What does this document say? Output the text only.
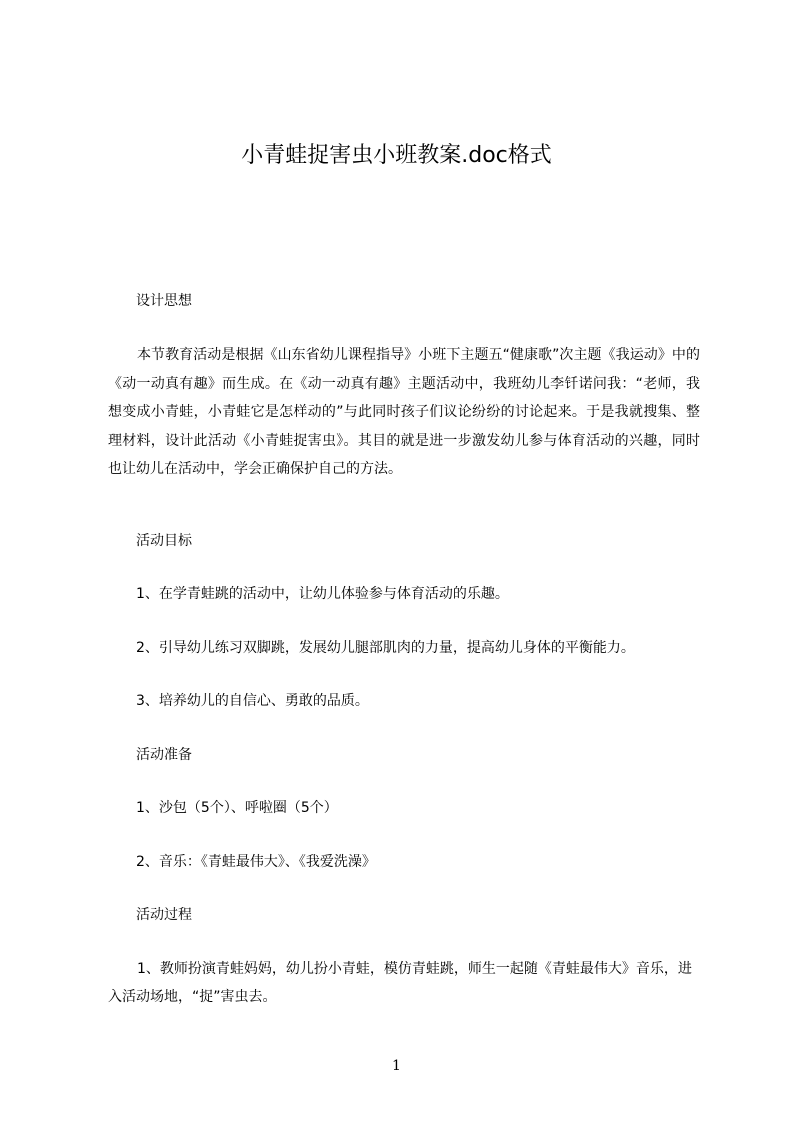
小青蛙捉害虫小班教案.doc格式
设计思想
本节教育活动是根据《山东省幼儿课程指导》小班下主题五“健康歌”次主题《我运动》中的《动一动真有趣》而生成。在《动一动真有趣》主题活动中，我班幼儿李钎诺问我：“老师，我想变成小青蛙，小青蛙它是怎样动的”与此同时孩子们议论纷纷的讨论起来。于是我就搜集、整理材料，设计此活动《小青蛙捉害虫》。其目的就是进一步激发幼儿参与体育活动的兴趣，同时也让幼儿在活动中，学会正确保护自己的方法。
活动目标
1、在学青蛙跳的活动中，让幼儿体验参与体育活动的乐趣。
2、引导幼儿练习双脚跳，发展幼儿腿部肌肉的力量，提高幼儿身体的平衡能力。
3、培养幼儿的自信心、勇敢的品质。
活动准备
1、沙包（5个）、呼啦圈（5个）
2、音乐：《青蛙最伟大》、《我爱洗澡》
活动过程
1、教师扮演青蛙妈妈，幼儿扮小青蛙，模仿青蛙跳，师生一起随《青蛙最伟大》音乐，进入活动场地，“捉”害虫去。
1
